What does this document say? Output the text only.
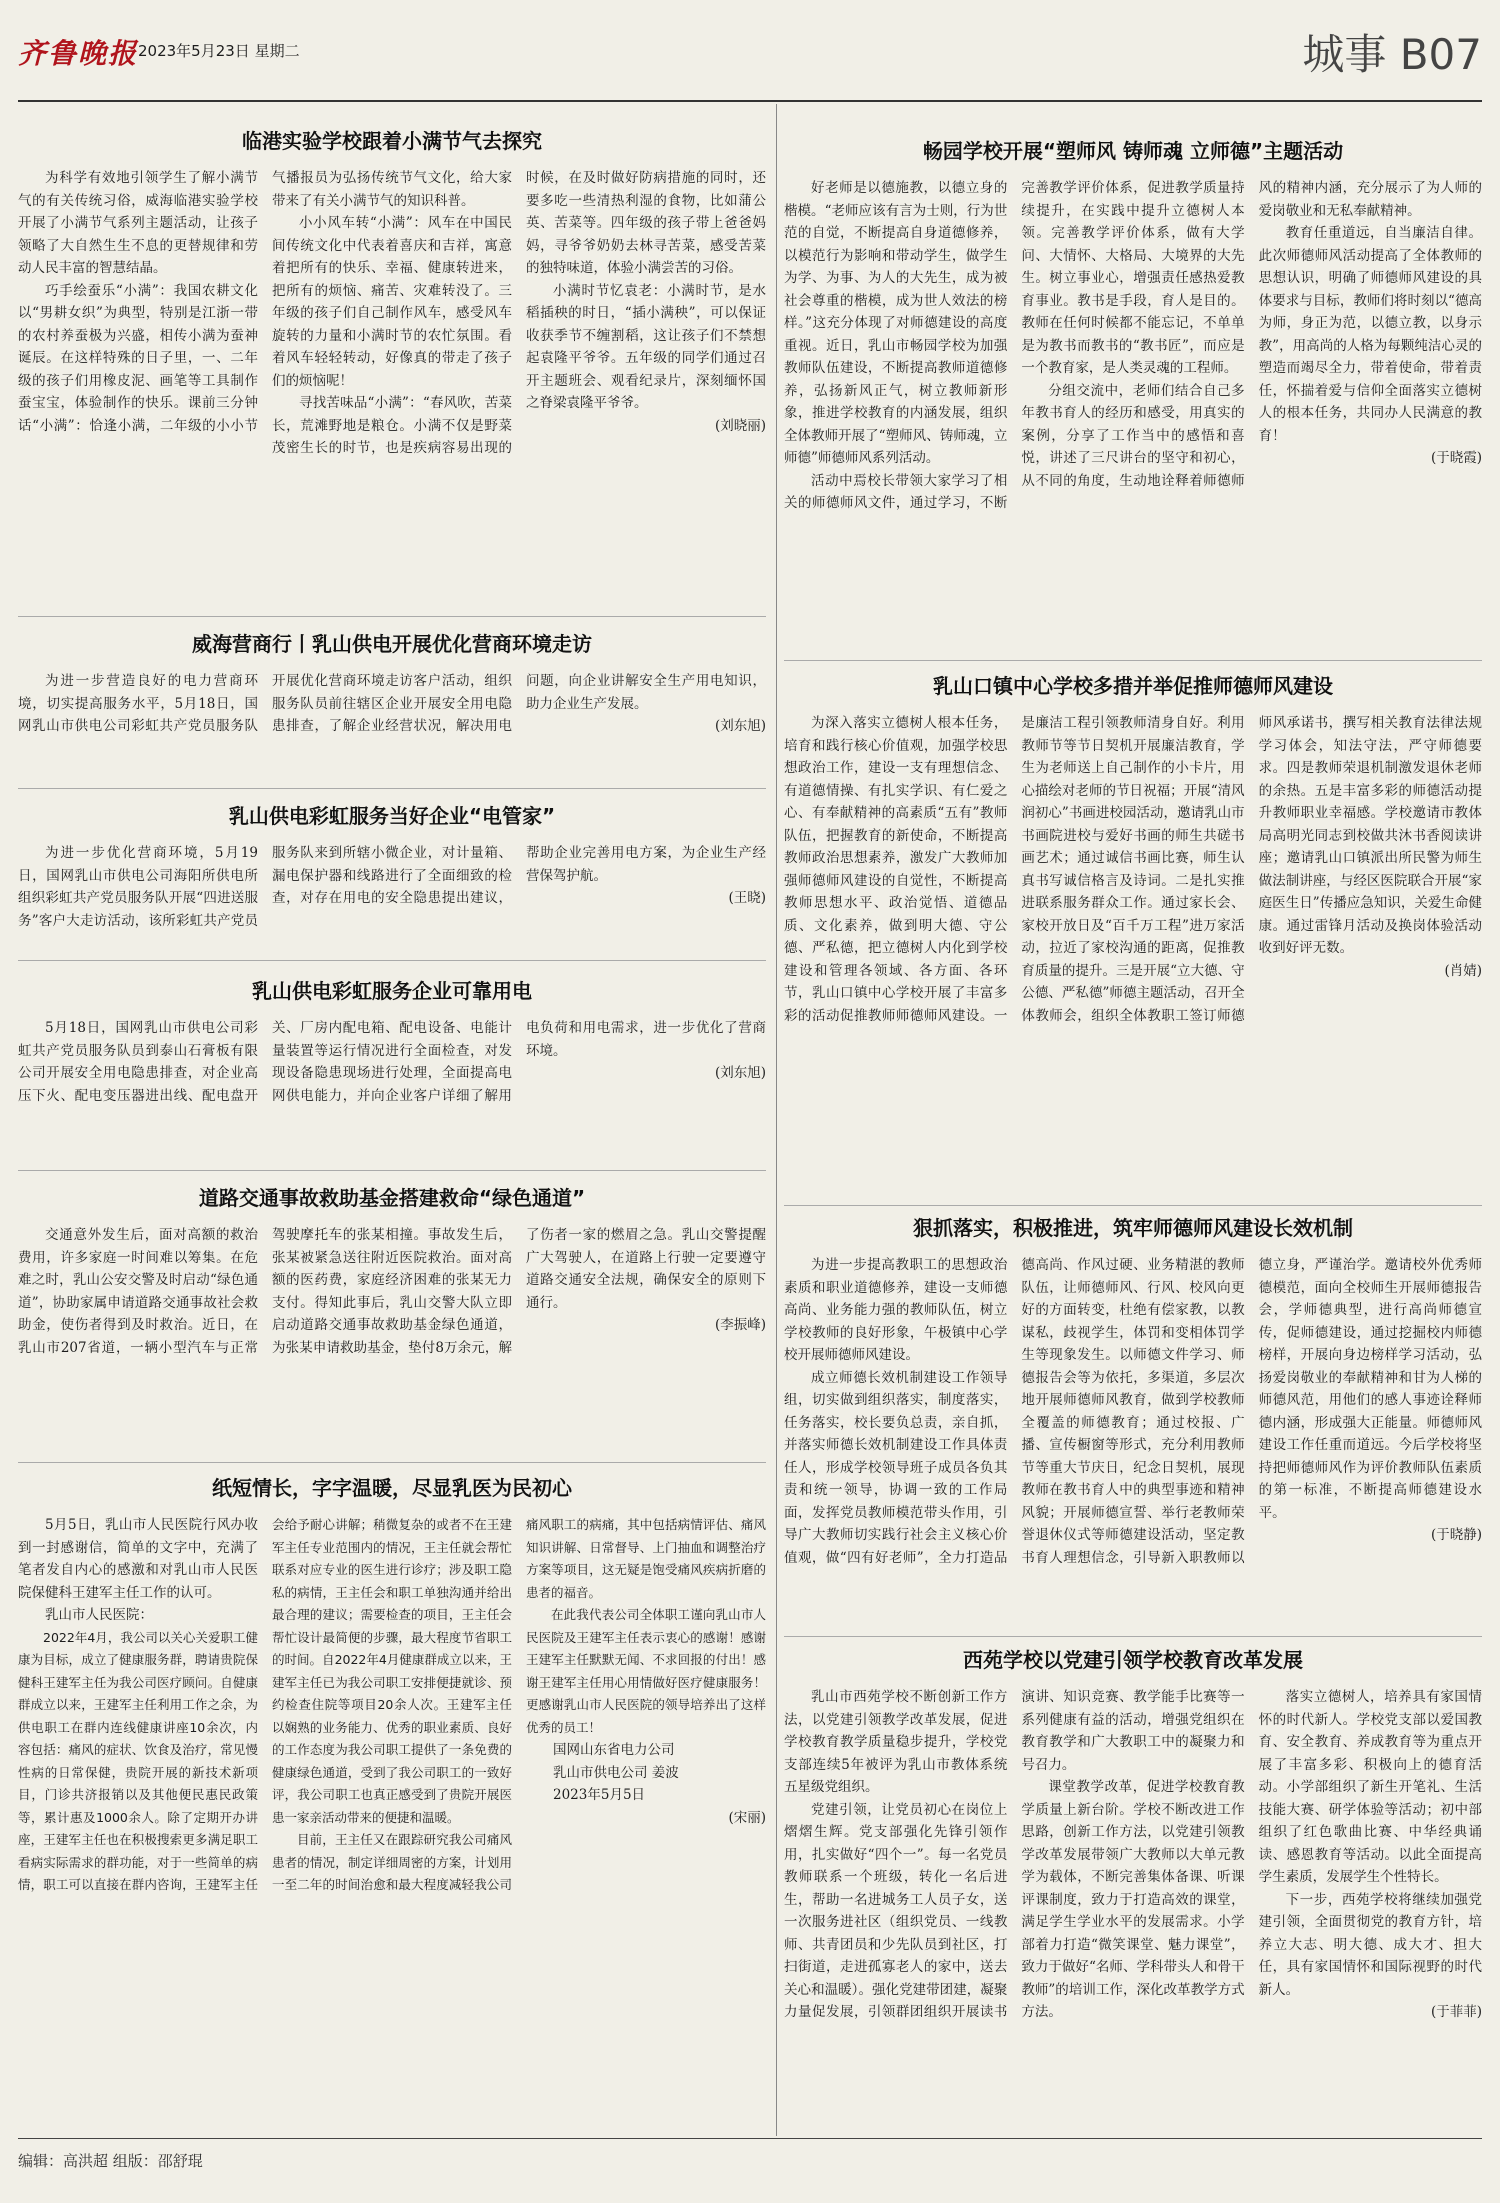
齐鲁晚报 2023年5月23日 星期二	城事 B07
临港实验学校跟着小满节气去探究

为科学有效地引领学生了解小满节气的有关传统习俗，威海临港实验学校开展了小满节气系列主题活动，让孩子领略了大自然生生不息的更替规律和劳动人民丰富的智慧结晶。

巧手绘蚕乐“小满”：我国农耕文化以“男耕女织”为典型，特别是江浙一带的农村养蚕极为兴盛，相传小满为蚕神诞辰。在这样特殊的日子里，一、二年级的孩子们用橡皮泥、画笔等工具制作蚕宝宝，体验制作的快乐。课前三分钟话“小满”：恰逢小满，二年级的小小节气播报员为弘扬传统节气文化，给大家带来了有关小满节气的知识科普。

小小风车转“小满”：风车在中国民间传统文化中代表着喜庆和吉祥，寓意着把所有的快乐、幸福、健康转进来，把所有的烦恼、痛苦、灾难转没了。三年级的孩子们自己制作风车，感受风车旋转的力量和小满时节的农忙氛围。看着风车轻轻转动，好像真的带走了孩子们的烦恼呢！

寻找苦味品“小满”：“春风吹，苦菜长，荒滩野地是粮仓。小满不仅是野菜茂密生长的时节，也是疾病容易出现的时候，在及时做好防病措施的同时，还要多吃一些清热利湿的食物，比如蒲公英、苦菜等。四年级的孩子带上爸爸妈妈，寻爷爷奶奶去林寻苦菜，感受苦菜的独特味道，体验小满尝苦的习俗。

小满时节忆袁老：小满时节，是水稻插秧的时日，“插小满秧”，可以保证收获季节不缠割稻，这让孩子们不禁想起袁隆平爷爷。五年级的同学们通过召开主题班会、观看纪录片，深刻缅怀国之脊梁袁隆平爷爷。

(刘晓丽)

威海营商行丨乳山供电开展优化营商环境走访

为进一步营造良好的电力营商环境，切实提高服务水平，5月18日，国网乳山市供电公司彩虹共产党员服务队开展优化营商环境走访客户活动，组织服务队员前往辖区企业开展安全用电隐患排查，了解企业经营状况，解决用电问题，向企业讲解安全生产用电知识，助力企业生产发展。

(刘东旭)

乳山供电彩虹服务当好企业“电管家”

为进一步优化营商环境，5月19日，国网乳山市供电公司海阳所供电所组织彩虹共产党员服务队开展“四进送服务”客户大走访活动，该所彩虹共产党员服务队来到所辖小微企业，对计量箱、漏电保护器和线路进行了全面细致的检查，对存在用电的安全隐患提出建议，帮助企业完善用电方案，为企业生产经营保驾护航。

(王晓)

乳山供电彩虹服务企业可靠用电

5月18日，国网乳山市供电公司彩虹共产党员服务队员到泰山石膏板有限公司开展安全用电隐患排查，对企业高压下火、配电变压器进出线、配电盘开关、厂房内配电箱、配电设备、电能计量装置等运行情况进行全面检查，对发现设备隐患现场进行处理，全面提高电网供电能力，并向企业客户详细了解用电负荷和用电需求，进一步优化了营商环境。

(刘东旭)

道路交通事故救助基金搭建救命“绿色通道”

交通意外发生后，面对高额的救治费用，许多家庭一时间难以筹集。在危难之时，乳山公安交警及时启动“绿色通道”，协助家属申请道路交通事故社会救助金，使伤者得到及时救治。近日，在乳山市207省道，一辆小型汽车与正常驾驶摩托车的张某相撞。事故发生后，张某被紧急送往附近医院救治。面对高额的医药费，家庭经济困难的张某无力支付。得知此事后，乳山交警大队立即启动道路交通事故救助基金绿色通道，为张某申请救助基金，垫付8万余元，解了伤者一家的燃眉之急。乳山交警提醒广大驾驶人，在道路上行驶一定要遵守道路交通安全法规，确保安全的原则下通行。

(李振峰)

纸短情长，字字温暖，尽显乳医为民初心

5月5日，乳山市人民医院行风办收到一封感谢信，简单的文字中，充满了笔者发自内心的感激和对乳山市人民医院保健科王建军主任工作的认可。

乳山市人民医院：

2022年4月，我公司以关心关爱职工健康为目标，成立了健康服务群，聘请贵院保健科王建军主任为我公司医疗顾问。自健康群成立以来，王建军主任利用工作之余，为供电职工在群内连线健康讲座10余次，内容包括：痛风的症状、饮食及治疗，常见慢性病的日常保健，贵院开展的新技术新项目，门诊共济报销以及其他便民惠民政策等，累计惠及1000余人。除了定期开办讲座，王建军主任也在积极搜索更多满足职工看病实际需求的群功能，对于一些简单的病情，职工可以直接在群内咨询，王建军主任会给予耐心讲解；稍微复杂的或者不在王建军主任专业范围内的情况，王主任就会帮忙联系对应专业的医生进行诊疗；涉及职工隐私的病情，王主任会和职工单独沟通并给出最合理的建议；需要检查的项目，王主任会帮忙设计最简便的步骤，最大程度节省职工的时间。自2022年4月健康群成立以来，王建军主任已为我公司职工安排便捷就诊、预约检查住院等项目20余人次。王建军主任以娴熟的业务能力、优秀的职业素质、良好的工作态度为我公司职工提供了一条免费的健康绿色通道，受到了我公司职工的一致好评，我公司职工也真正感受到了贵院开展医患一家亲活动带来的便捷和温暖。

目前，王主任又在跟踪研究我公司痛风患者的情况，制定详细周密的方案，计划用一至二年的时间治愈和最大程度减轻我公司痛风职工的病痛，其中包括病情评估、痛风知识讲解、日常督导、上门抽血和调整治疗方案等项目，这无疑是饱受痛风疾病折磨的患者的福音。

在此我代表公司全体职工谨向乳山市人民医院及王建军主任表示衷心的感谢！感谢王建军主任默默无闻、不求回报的付出！感谢王建军主任用心用情做好医疗健康服务！更感谢乳山市人民医院的领导培养出了这样优秀的员工！

国网山东省电力公司

乳山市供电公司 姜波

2023年5月5日

(宋丽)

畅园学校开展“塑师风 铸师魂 立师德”主题活动

好老师是以德施教，以德立身的楷模。“老师应该有言为士则，行为世范的自觉，不断提高自身道德修养，以模范行为影响和带动学生，做学生为学、为事、为人的大先生，成为被社会尊重的楷模，成为世人效法的榜样。”这充分体现了对师德建设的高度重视。近日，乳山市畅园学校为加强教师队伍建设，不断提高教师道德修养，弘扬新风正气，树立教师新形象，推进学校教育的内涵发展，组织全体教师开展了“塑师风、铸师魂，立师德”师德师风系列活动。

活动中焉校长带领大家学习了相关的师德师风文件，通过学习，不断完善教学评价体系，促进教学质量持续提升，在实践中提升立德树人本领。完善教学评价体系，做有大学问、大情怀、大格局、大境界的大先生。树立事业心，增强责任感热爱教育事业。教书是手段，育人是目的。教师在任何时候都不能忘记，不单单是为教书而教书的“教书匠”，而应是一个教育家，是人类灵魂的工程师。

分组交流中，老师们结合自己多年教书育人的经历和感受，用真实的案例，分享了工作当中的感悟和喜悦，讲述了三尺讲台的坚守和初心，从不同的角度，生动地诠释着师德师风的精神内涵，充分展示了为人师的爱岗敬业和无私奉献精神。

教育任重道远，自当廉洁自律。此次师德师风活动提高了全体教师的思想认识，明确了师德师风建设的具体要求与目标，教师们将时刻以“德高为师，身正为范，以德立教，以身示教”，用高尚的人格为每颗纯洁心灵的塑造而竭尽全力，带着使命，带着责任，怀揣着爱与信仰全面落实立德树人的根本任务，共同办人民满意的教育！

(于晓霞)

乳山口镇中心学校多措并举促推师德师风建设

为深入落实立德树人根本任务，培育和践行核心价值观，加强学校思想政治工作，建设一支有理想信念、有道德情操、有扎实学识、有仁爱之心、有奉献精神的高素质“五有”教师队伍，把握教育的新使命，不断提高教师政治思想素养，激发广大教师加强师德师风建设的自觉性，不断提高教师思想水平、政治觉悟、道德品质、文化素养，做到明大德、守公德、严私德，把立德树人内化到学校建设和管理各领域、各方面、各环节，乳山口镇中心学校开展了丰富多彩的活动促推教师师德师风建设。一是廉洁工程引领教师清身自好。利用教师节等节日契机开展廉洁教育，学生为老师送上自己制作的小卡片，用心描绘对老师的节日祝福；开展“清风润初心”书画进校园活动，邀请乳山市书画院进校与爱好书画的师生共磋书画艺术；通过诚信书画比赛，师生认真书写诚信格言及诗词。二是扎实推进联系服务群众工作。通过家长会、家校开放日及“百千万工程”进万家活动，拉近了家校沟通的距离，促推教育质量的提升。三是开展“立大德、守公德、严私德”师德主题活动，召开全体教师会，组织全体教职工签订师德师风承诺书，撰写相关教育法律法规学习体会，知法守法，严守师德要求。四是教师荣退机制激发退休老师的余热。五是丰富多彩的师德活动提升教师职业幸福感。学校邀请市教体局高明光同志到校做共沐书香阅读讲座；邀请乳山口镇派出所民警为师生做法制讲座，与经区医院联合开展“家庭医生日”传播应急知识，关爱生命健康。通过雷锋月活动及换岗体验活动收到好评无数。

(肖婧)

狠抓落实，积极推进，筑牢师德师风建设长效机制

为进一步提高教职工的思想政治素质和职业道德修养，建设一支师德高尚、业务能力强的教师队伍，树立学校教师的良好形象，午极镇中心学校开展师德师风建设。

成立师德长效机制建设工作领导组，切实做到组织落实，制度落实，任务落实，校长要负总责，亲自抓，并落实师德长效机制建设工作具体责任人，形成学校领导班子成员各负其责和统一领导，协调一致的工作局面，发挥党员教师模范带头作用，引导广大教师切实践行社会主义核心价值观，做“四有好老师”，全力打造品德高尚、作风过硬、业务精湛的教师队伍，让师德师风、行风、校风向更好的方面转变，杜绝有偿家教，以教谋私，歧视学生，体罚和变相体罚学生等现象发生。以师德文件学习、师德报告会等为依托，多渠道，多层次地开展师德师风教育，做到学校教师全覆盖的师德教育；通过校报、广播、宣传橱窗等形式，充分利用教师节等重大节庆日，纪念日契机，展现教师在教书育人中的典型事迹和精神风貌；开展师德宣誓、举行老教师荣誉退休仪式等师德建设活动，坚定教书育人理想信念，引导新入职教师以德立身，严谨治学。邀请校外优秀师德模范，面向全校师生开展师德报告会，学师德典型，进行高尚师德宣传，促师德建设，通过挖掘校内师德榜样，开展向身边榜样学习活动，弘扬爱岗敬业的奉献精神和甘为人梯的师德风范，用他们的感人事迹诠释师德内涵，形成强大正能量。师德师风建设工作任重而道远。今后学校将坚持把师德师风作为评价教师队伍素质的第一标准，不断提高师德建设水平。

(于晓静)

西苑学校以党建引领学校教育改革发展

乳山市西苑学校不断创新工作方法，以党建引领教学改革发展，促进学校教育教学质量稳步提升，学校党支部连续5年被评为乳山市教体系统五星级党组织。

党建引领，让党员初心在岗位上熠熠生辉。党支部强化先锋引领作用，扎实做好“四个一”。每一名党员教师联系一个班级，转化一名后进生，帮助一名进城务工人员子女，送一次服务进社区（组织党员、一线教师、共青团员和少先队员到社区，打扫街道，走进孤寡老人的家中，送去关心和温暖）。强化党建带团建，凝聚力量促发展，引领群团组织开展读书演讲、知识竞赛、教学能手比赛等一系列健康有益的活动，增强党组织在教育教学和广大教职工中的凝聚力和号召力。

课堂教学改革，促进学校教育教学质量上新台阶。学校不断改进工作思路，创新工作方法，以党建引领教学改革发展带领广大教师以大单元教学为载体，不断完善集体备课、听课评课制度，致力于打造高效的课堂，满足学生学业水平的发展需求。小学部着力打造“微笑课堂、魅力课堂”，致力于做好“名师、学科带头人和骨干教师”的培训工作，深化改革教学方式方法。

落实立德树人，培养具有家国情怀的时代新人。学校党支部以爱国教育、安全教育、养成教育等为重点开展了丰富多彩、积极向上的德育活动。小学部组织了新生开笔礼、生活技能大赛、研学体验等活动；初中部组织了红色歌曲比赛、中华经典诵读、感恩教育等活动。以此全面提高学生素质，发展学生个性特长。

下一步，西苑学校将继续加强党建引领，全面贯彻党的教育方针，培养立大志、明大德、成大才、担大任，具有家国情怀和国际视野的时代新人。

(于菲菲)

编辑：高洪超 组版：邵舒琨
